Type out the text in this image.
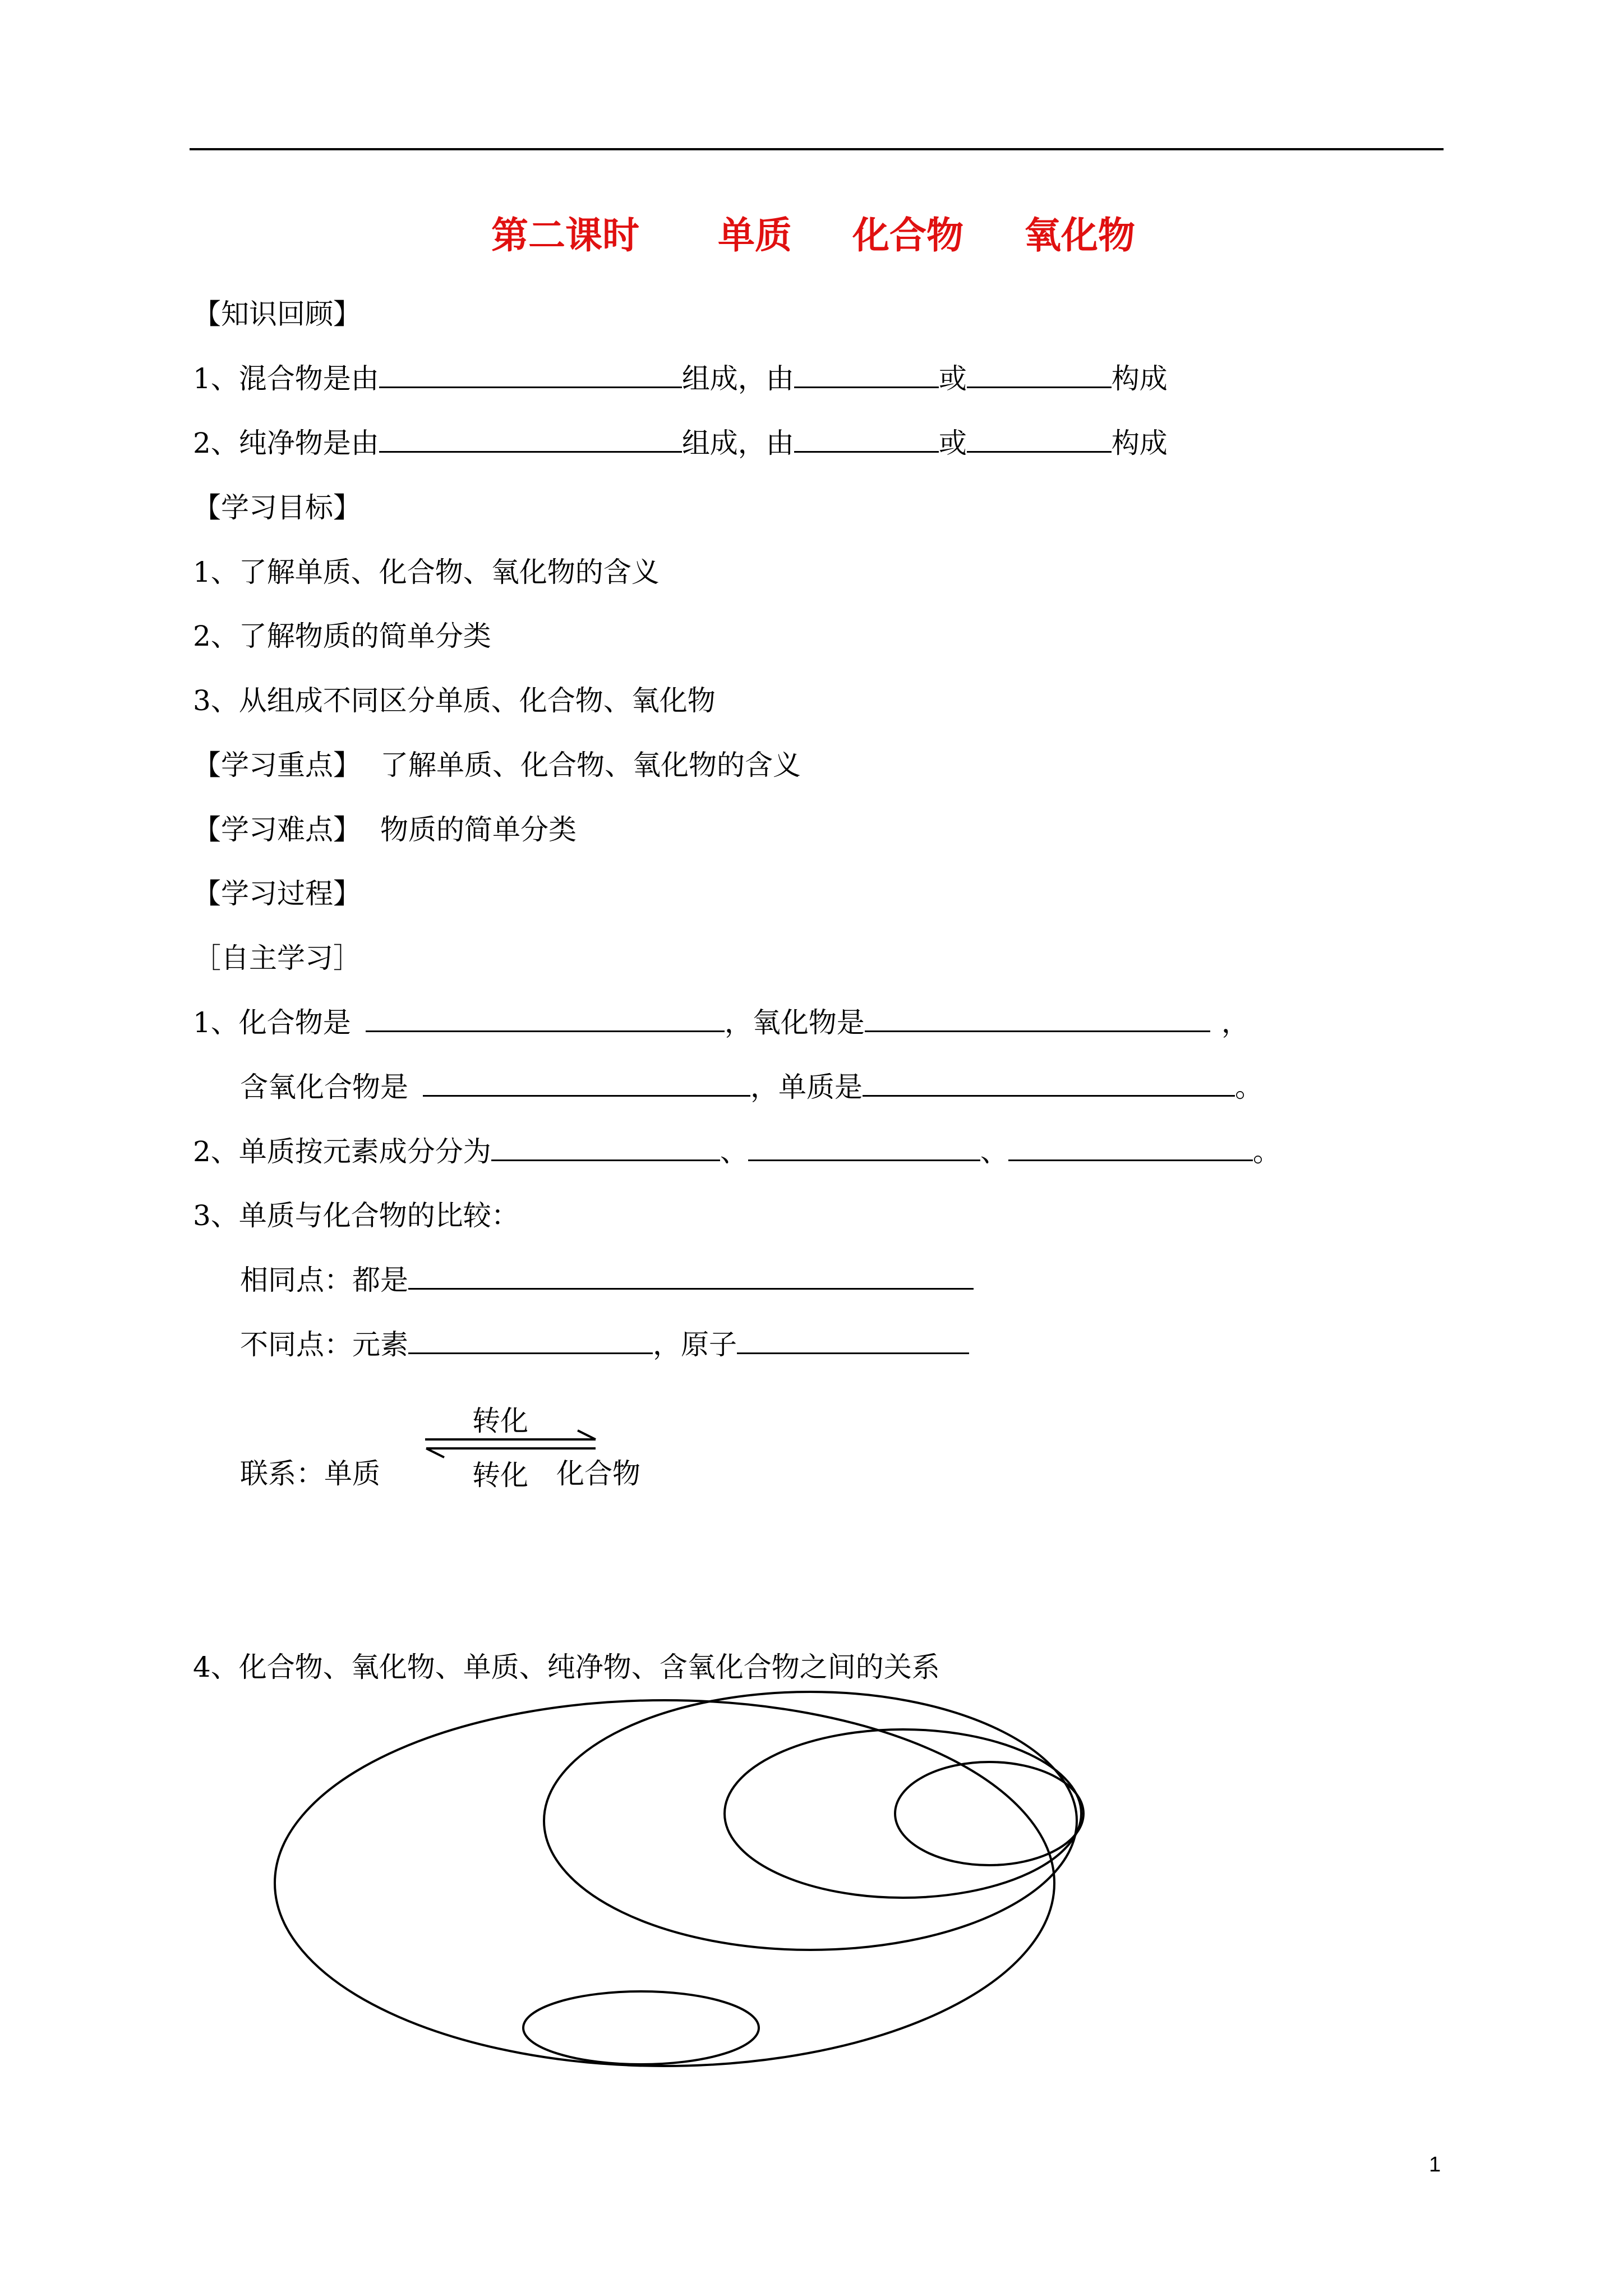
第二课时 单质 化合物 氧化物
【知识回顾】
1、混合物是由	组成，由	或	构成
2、纯净物是由	组成，由	或	构成
【学习目标】
1、了解单质、化合物、氧化物的含义
2、了解物质的简单分类
3、从组成不同区分单质、化合物、氧化物
【学习重点】 了解单质、化合物、氧化物的含义
【学习难点】 物质的简单分类
【学习过程】
［自主学习］
1、化合物是	，氧化物是	，
含氧化合物是	，单质是	。
2、单质按元素成分分为	、	、	。
3、单质与化合物的比较：
相同点：都是
不同点：元素	，原子
联系：单质
转化
转化 化合物
4、化合物、氧化物、单质、纯净物、含氧化合物之间的关系
1
